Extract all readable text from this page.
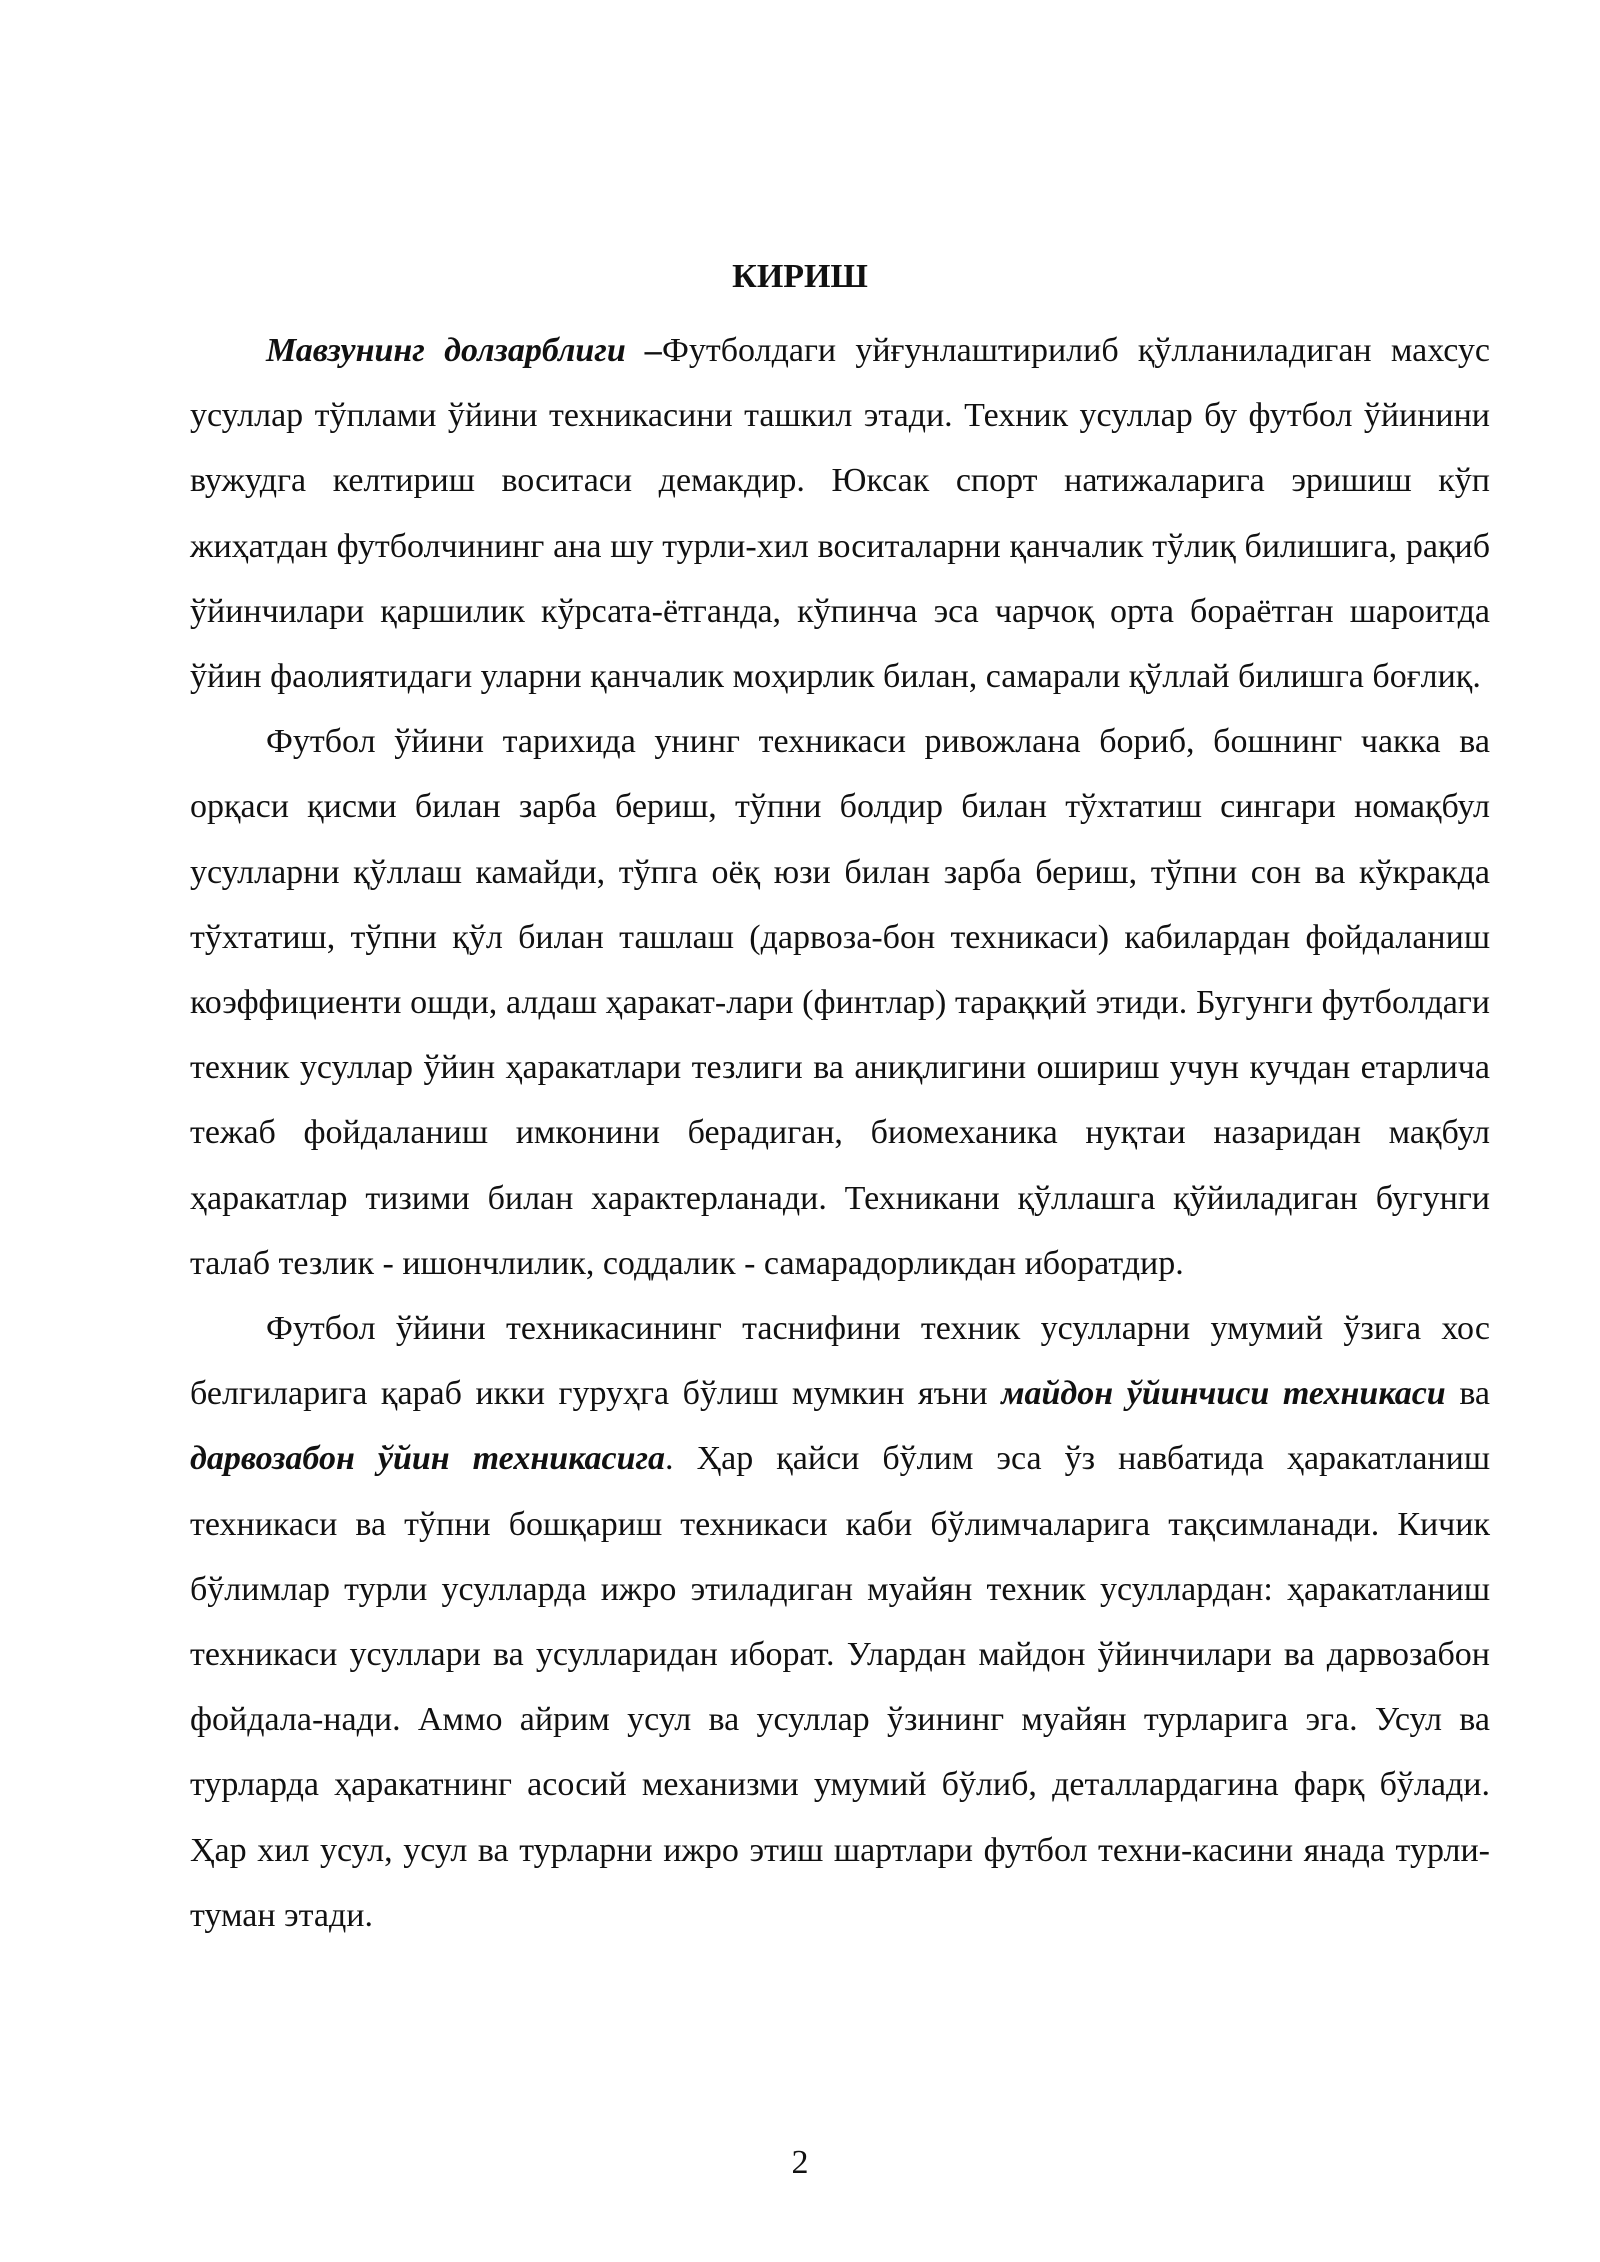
КИРИШ

Мавзунинг долзарблиги –Футболдаги уйғунлаштирилиб қўлланиладиган махсус усуллар тўплами ўйини техникасини ташкил этади. Техник усуллар бу футбол ўйинини вужудга келтириш воситаси демакдир. Юксак спорт натижаларига эришиш кўп жиҳатдан футболчининг ана шу турли-хил воситаларни қанчалик тўлиқ билишига, рақиб ўйинчилари қаршилик кўрсата-ётганда, кўпинча эса чарчоқ орта бораётган шароитда ўйин фаолиятидаги уларни қанчалик моҳирлик билан, самарали қўллай билишга боғлиқ.

Футбол ўйини тарихида унинг техникаси ривожлана бориб, бошнинг чакка ва орқаси қисми билан зарба бериш, тўпни болдир билан тўхтатиш сингари номақбул усулларни қўллаш камайди, тўпга оёқ юзи билан зарба бериш, тўпни сон ва кўкракда тўхтатиш, тўпни қўл билан ташлаш (дарвоза-бон техникаси) кабилардан фойдаланиш коэффициенти ошди, алдаш ҳаракат-лари (финтлар) тараққий этиди. Бугунги футболдаги техник усуллар ўйин ҳаракатлари тезлиги ва аниқлигини ошириш учун кучдан етарлича тежаб фойдаланиш имконини берадиган, биомеханика нуқтаи назаридан мақбул ҳаракатлар тизими билан характерланади. Техникани қўллашга қўйиладиган бугунги талаб тезлик - ишончлилик, соддалик - самарадорликдан иборатдир.

Футбол ўйини техникасининг таснифини техник усулларни умумий ўзига хос белгиларига қараб икки гуруҳга бўлиш мумкин яъни майдон ўйинчиси техникаси ва дарвозабон ўйин техникасига. Ҳар қайси бўлим эса ўз навбатида ҳаракатланиш техникаси ва тўпни бошқариш техникаси каби бўлимчаларига тақсимланади. Кичик бўлимлар турли усулларда ижро этиладиган муайян техник усуллардан: ҳаракатланиш техникаси усуллари ва усулларидан иборат. Улардан майдон ўйинчилари ва дарвозабон фойдала-нади. Аммо айрим усул ва усуллар ўзининг муайян турларига эга. Усул ва турларда ҳаракатнинг асосий механизми умумий бўлиб, деталлардагина фарқ бўлади. Ҳар хил усул, усул ва турларни ижро этиш шартлари футбол техни-касини янада турли-туман этади.

2
